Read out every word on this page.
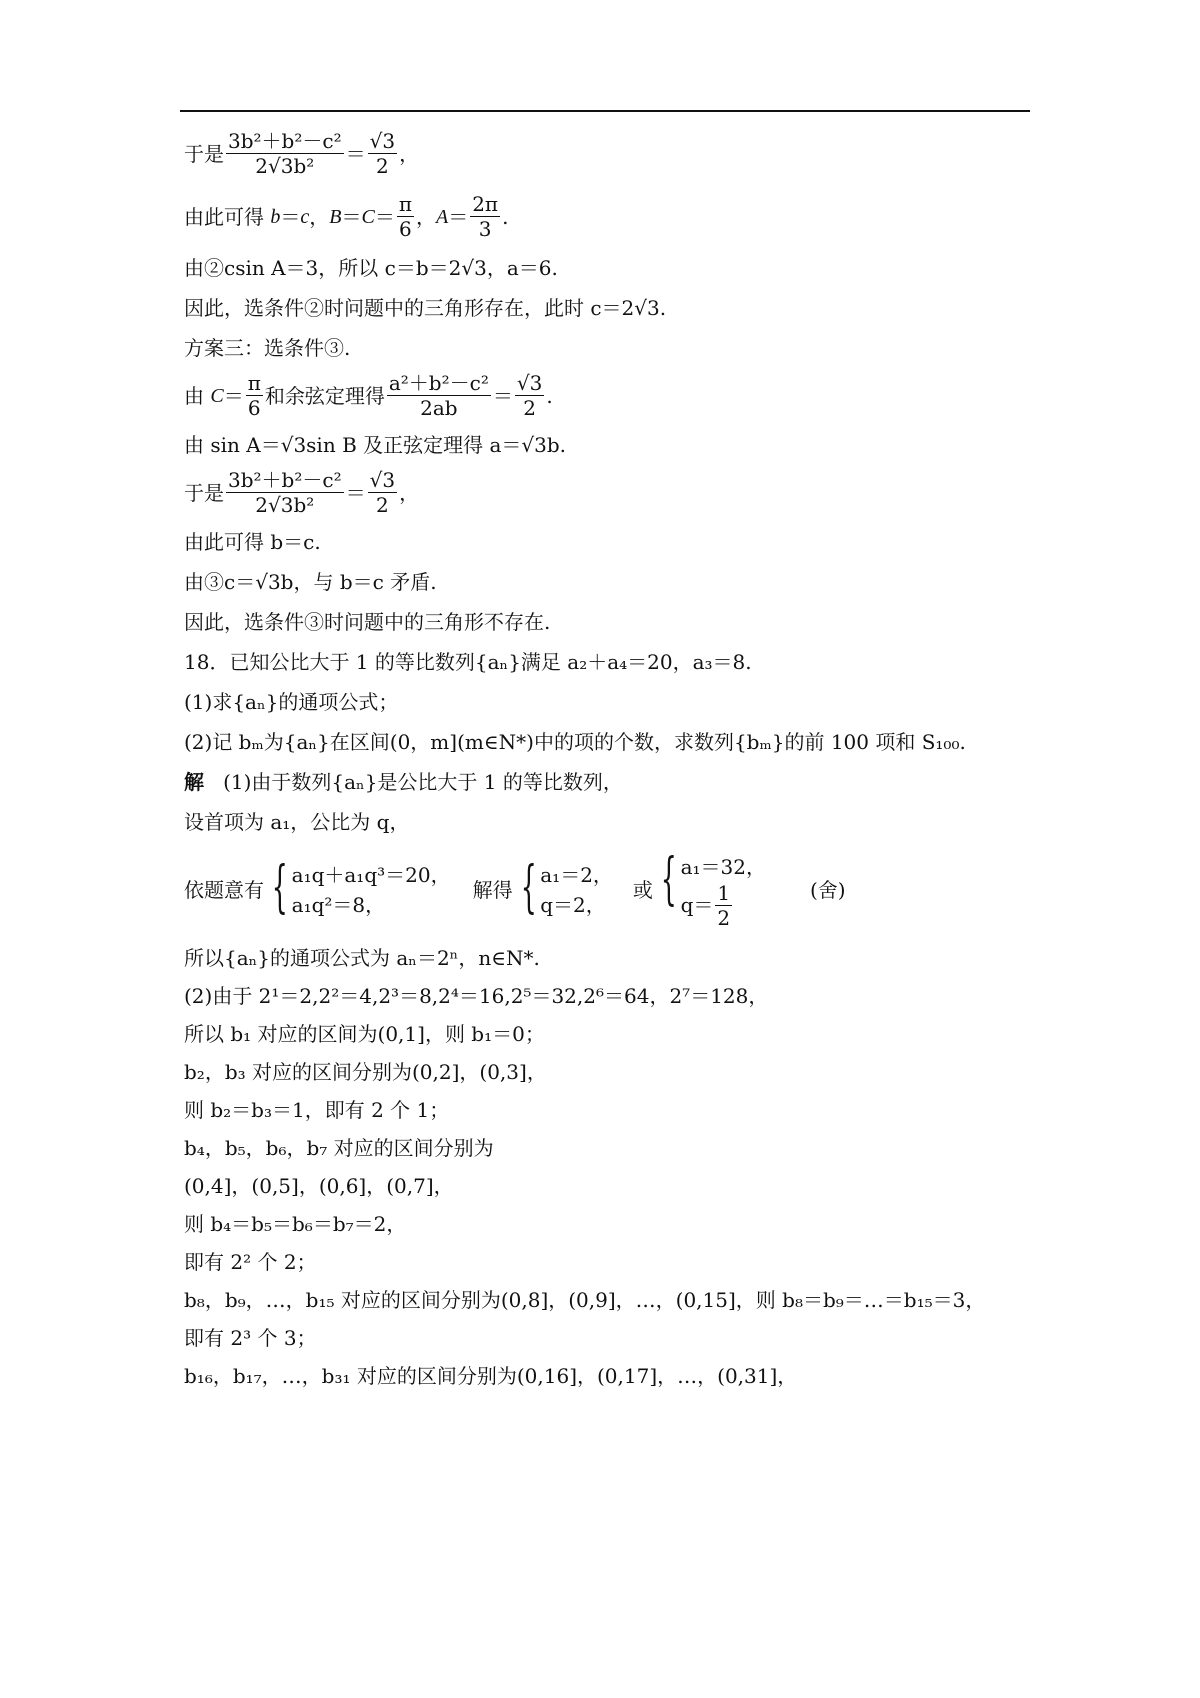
于是 $\frac{\text{3b²＋b²－c²}}{\text{2√3b²}} = \frac{√3}{2}$ ，
由此可得 b ＝ c ， $B = C = \frac{\pi}{6}$ ， $A = \frac{2\pi}{3}$ .
由②csin A＝3，所以 c＝b＝2√3，a＝6.
因此，选条件②时问题中的三角形存在，此时 c＝2√3.
方案三：选条件③.
由 $C = \frac{\pi}{6}$ 和余弦定理得 $\frac{\text{a²＋b²－c²}}{2ab} = \frac{√3}{2}$ .
由 sin A＝√3sin B 及正弦定理得 a＝√3b.
于是 $\frac{\text{3b²＋b²－c²}}{\text{2√3b²}} = \frac{√3}{2}$ ，
由此可得 b＝c.
由③c＝√3b，与 b＝c 矛盾.
因此，选条件③时问题中的三角形不存在.
18．已知公比大于 1 的等比数列{aₙ}满足 a₂＋a₄＝20，a₃＝8.
(1)求{aₙ}的通项公式；
(2)记 bₘ为{aₙ}在区间(0，m](m∈N*)中的项的个数，求数列{bₘ}的前 100 项和 S₁₀₀.
解 (1)由于数列{aₙ}是公比大于 1 的等比数列，
设首项为 a₁，公比为 q，
依题意有 { a₁q＋a₁q³＝20，
a₁q²＝8，
解得 { a₁＝2，
q＝2，
或 { a₁＝32，
$q= \frac{1}{2}$	(舍)
所以{aₙ}的通项公式为 aₙ＝2ⁿ，n∈N*.
(2)由于 2¹＝2,2²＝4,2³＝8,2⁴＝16,2⁵＝32,2⁶＝64，2⁷＝128，
所以 b₁ 对应的区间为(0,1]，则 b₁＝0；
b₂，b₃ 对应的区间分别为(0,2]，(0,3]，
则 b₂＝b₃＝1，即有 2 个 1；
b₄，b₅，b₆，b₇ 对应的区间分别为
(0,4]，(0,5]，(0,6]，(0,7]，
则 b₄＝b₅＝b₆＝b₇＝2，
即有 2² 个 2；
b₈，b₉，…，b₁₅ 对应的区间分别为(0,8]，(0,9]，…，(0,15]，则 b₈＝b₉＝…＝b₁₅＝3，
即有 2³ 个 3；
b₁₆，b₁₇，…，b₃₁ 对应的区间分别为(0,16]，(0,17]，…，(0,31]，
